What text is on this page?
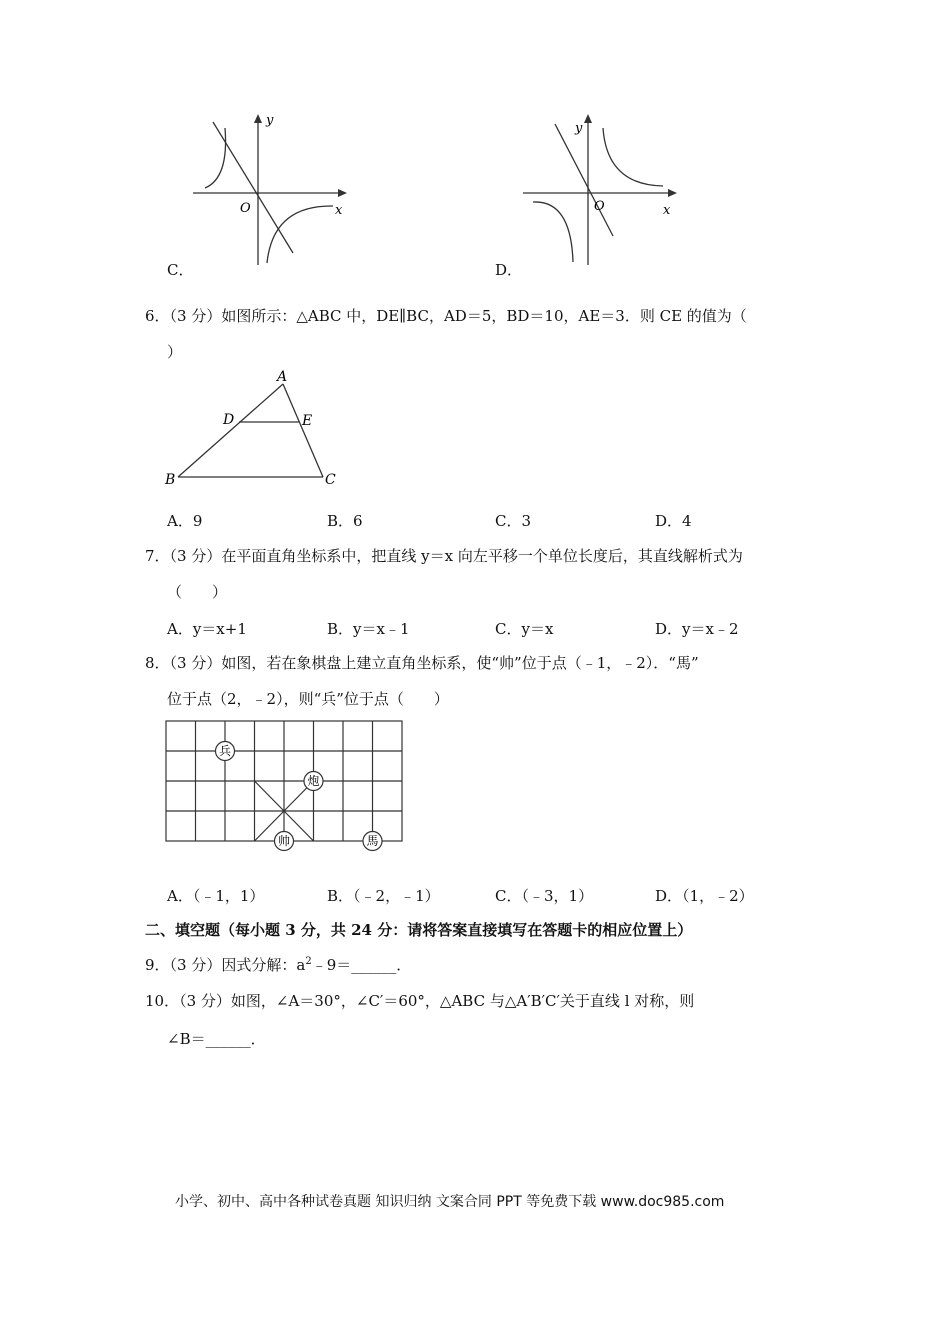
y
x
O
C．
y
x
O
D．
6．（3 分）如图所示：△ABC 中，DE∥BC，AD＝5，BD＝10，AE＝3．则 CE 的值为（
）
A
B	C
D	E
A．9	B．6	C．3	D．4
7．（3 分）在平面直角坐标系中，把直线 y＝x 向左平移一个单位长度后，其直线解析式为
（　　）
A．y＝x+1	B．y＝x﹣1	C．y＝x	D．y＝x﹣2
8．（3 分）如图，若在象棋盘上建立直角坐标系，使“帅”位于点（﹣1，﹣2）．“馬”
位于点（2，﹣2），则“兵”位于点（　　）
兵
炮
帅	馬
A．（﹣1，1）	B．（﹣2，﹣1）	C．（﹣3，1）	D．（1，﹣2）
二、填空题（每小题 3 分，共 24 分：请将答案直接填写在答题卡的相应位置上）
9．（3 分）因式分解：$a^2﹣9=\_\_\_\_\_\_$．
10．（3 分）如图，∠A＝30°，∠C′＝60°，△ABC 与△A′B′C′关于直线 l 对称，则
∠B＝______．
小学、初中、高中各种试卷真题 知识归纳 文案合同 PPT 等免费下载 www.doc985.com
